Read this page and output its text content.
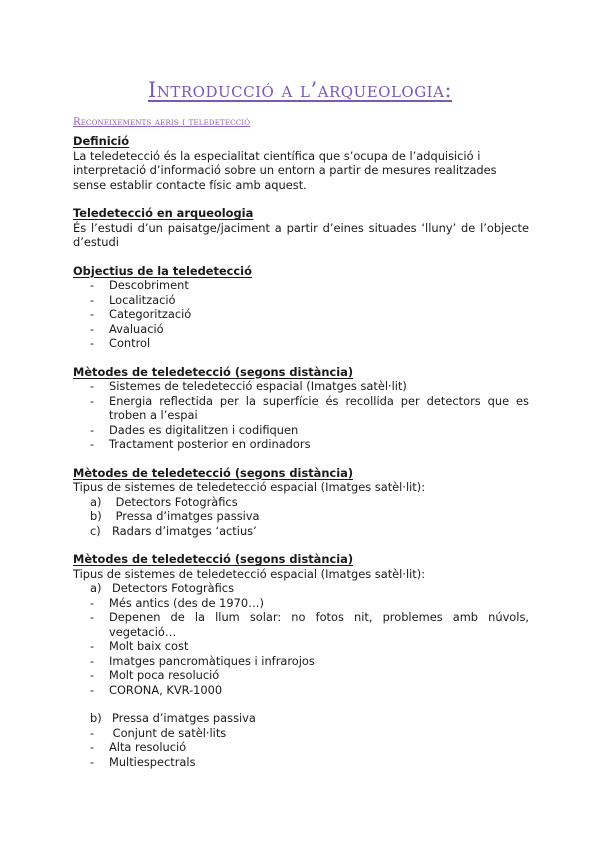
Introducció a l’arqueologia:

Reconeixements aeris i teledetecció

Definició
La teledetecció és la especialitat científica que s’ocupa de l’adquisició i interpretació d’informació sobre un entorn a partir de mesures realitzades sense establir contacte físic amb aquest.
Teledetecció en arqueologia
És l’estudi d’un paisatge/jaciment a partir d’eines situades ‘lluny’ de l’objecte d’estudi
Objectius de la teledetecció
- Descobriment
- Localització
- Categorització
- Avaluació
- Control
Mètodes de teledetecció (segons distància)
- Sistemes de teledetecció espacial (Imatges satèl·lit)
- Energia reflectida per la superfície és recollida per detectors que es troben a l’espai
- Dades es digitalitzen i codifiquen
- Tractament posterior en ordinadors
Mètodes de teledetecció (segons distància)
Tipus de sistemes de teledetecció espacial (Imatges satèl·lit):
a) Detectors Fotogràfics
b) Pressa d’imatges passiva
c) Radars d’imatges ‘actius’
Mètodes de teledetecció (segons distància)
Tipus de sistemes de teledetecció espacial (Imatges satèl·lit):
a) Detectors Fotogràfics
- Més antics (des de 1970…)
- Depenen de la llum solar: no fotos nit, problemes amb núvols, vegetació…
- Molt baix cost
- Imatges pancromàtiques i infrarojos
- Molt poca resolució
- CORONA, KVR-1000
b) Pressa d’imatges passiva
-  Conjunt de satèl·lits
- Alta resolució
- Multiespectrals
